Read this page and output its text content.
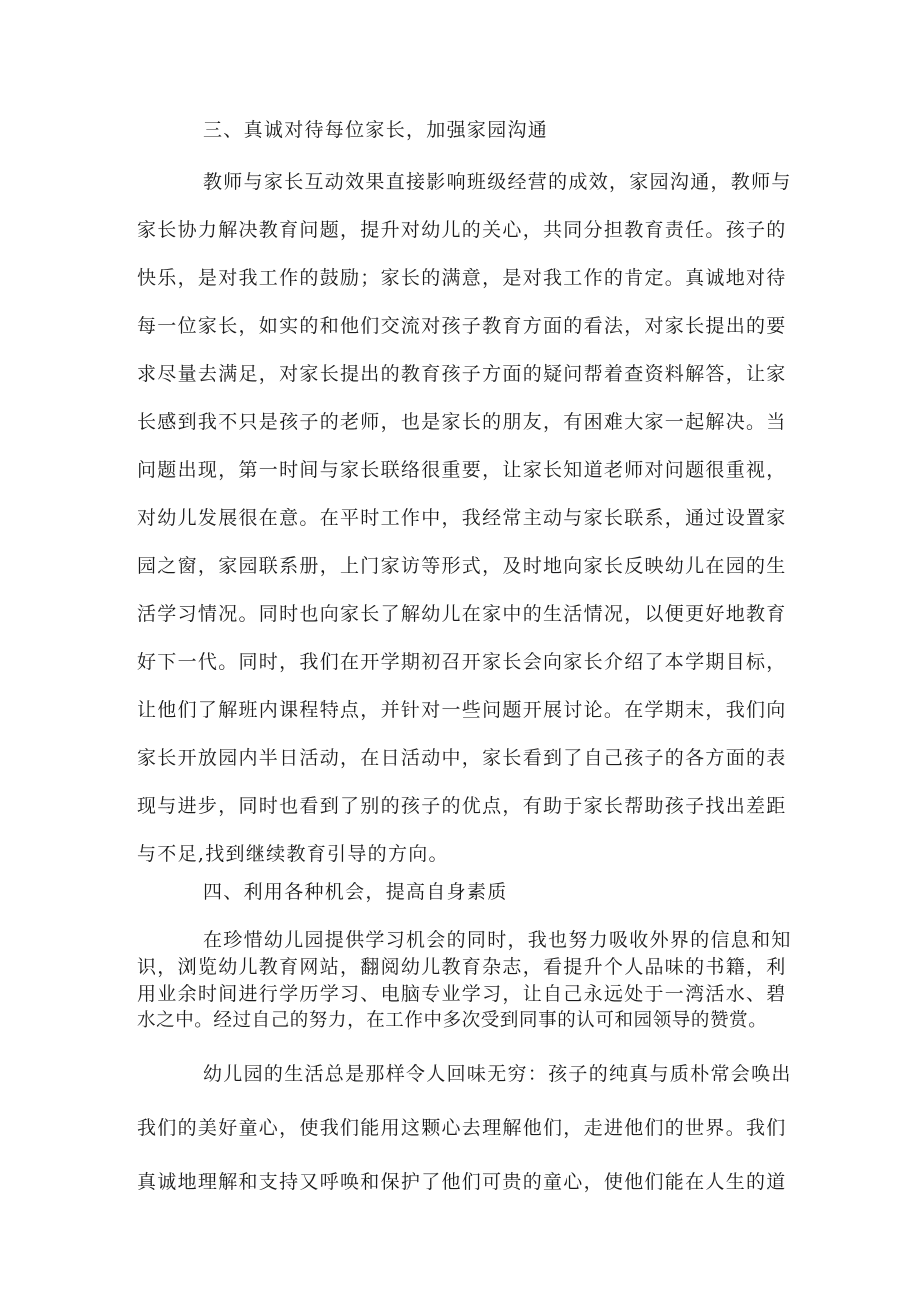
三、真诚对待每位家长，加强家园沟通
教师与家长互动效果直接影响班级经营的成效，家园沟通，教师与
家长协力解决教育问题，提升对幼儿的关心，共同分担教育责任。孩子的
快乐，是对我工作的鼓励；家长的满意，是对我工作的肯定。真诚地对待
每一位家长，如实的和他们交流对孩子教育方面的看法，对家长提出的要
求尽量去满足，对家长提出的教育孩子方面的疑问帮着查资料解答，让家
长感到我不只是孩子的老师，也是家长的朋友，有困难大家一起解决。当
问题出现，第一时间与家长联络很重要，让家长知道老师对问题很重视，
对幼儿发展很在意。在平时工作中，我经常主动与家长联系，通过设置家
园之窗，家园联系册，上门家访等形式，及时地向家长反映幼儿在园的生
活学习情况。同时也向家长了解幼儿在家中的生活情况，以便更好地教育
好下一代。同时，我们在开学期初召开家长会向家长介绍了本学期目标，
让他们了解班内课程特点，并针对一些问题开展讨论。在学期末，我们向
家长开放园内半日活动，在日活动中，家长看到了自己孩子的各方面的表
现与进步，同时也看到了别的孩子的优点，有助于家长帮助孩子找出差距
与不足,找到继续教育引导的方向。
四、利用各种机会，提高自身素质
在珍惜幼儿园提供学习机会的同时，我也努力吸收外界的信息和知
识，浏览幼儿教育网站，翻阅幼儿教育杂志，看提升个人品味的书籍，利
用业余时间进行学历学习、电脑专业学习，让自己永远处于一湾活水、碧
水之中。经过自己的努力，在工作中多次受到同事的认可和园领导的赞赏。
幼儿园的生活总是那样令人回味无穷：孩子的纯真与质朴常会唤出
我们的美好童心，使我们能用这颗心去理解他们，走进他们的世界。我们
真诚地理解和支持又呼唤和保护了他们可贵的童心，使他们能在人生的道
